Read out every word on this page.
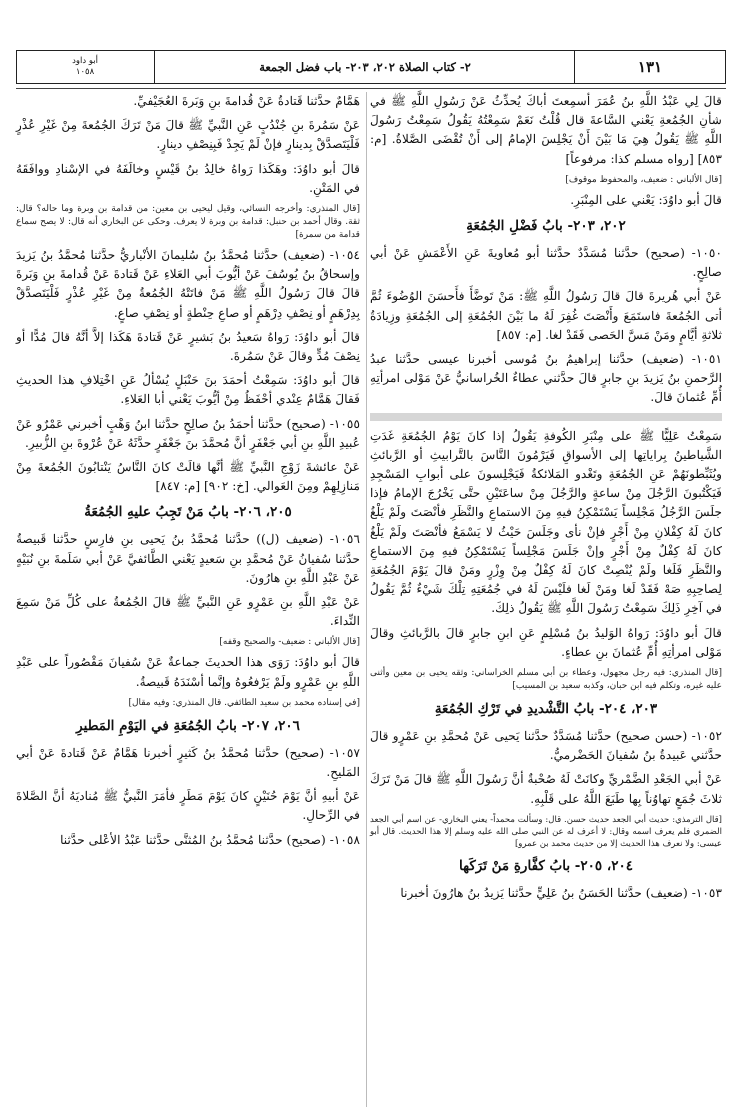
١٣١
٢- كتاب الصلاة ٢٠٢، ٢٠٣- باب فضل الجمعة
أبو داود
١٠٥٨

قالَ لِي عَبْدُ اللَّهِ بنُ عُمَرَ أسمِعتَ أباكَ يُحدِّثُ عَنْ رَسُولِ اللَّهِ ﷺ في شأنِ الجُمُعةِ يَعْني السَّاعةَ قال قُلْتُ نَعَمْ سَمِعْتُهُ يَقُولُ سَمِعْتُ رَسُولَ اللَّهِ ﷺ يَقُولُ هِيَ مَا بَيْنَ أَنْ يَجْلِسَ الإمامُ إلى أَنْ تُقْضَى الصَّلاةُ. [م: ٨٥٣] [رواه مسلم كذا: مرفوعاً]

[قال الألباني : ضعيف، والمحفوظ موقوف]

قالَ أبو داوُدَ: يَعْني على المِنْبَرِ.

٢٠٢، ٢٠٣- بابُ فَضْلِ الجُمُعَةِ

١٠٥٠- (صحيح) حدَّثنا مُسَدَّدٌ حدَّثنا أبو مُعاويةَ عَنِ الأَعْمَشِ عَنْ أبي صالِحٍ.

عَنْ أبي هُريرةَ قالَ قالَ رَسُولُ اللَّهِ ﷺ: مَنْ تَوضَّأَ فأَحسَنَ الوُضُوءَ ثُمَّ أتى الجُمُعةَ فاستَمَعَ وأَنْصَتَ غُفِرَ لَهُ ما بَيْنَ الجُمُعَةِ إلى الجُمُعَةِ وزِيادَةُ ثلاثةِ أيَّامٍ ومَنْ مَسَّ الحَصى فَقَدْ لغا. [م: ٨٥٧]

١٠٥١- (ضعيف) حدَّثنا إبراهيمُ بنُ مُوسى أخبرنا عيسى حدَّثنا عبدُ الرَّحمنِ بنُ يَزيدَ بنِ جابرٍ قالَ حدَّثني عطاءٌ الخُراسانيُّ عَنْ مَوْلى امرأتِهِ أُمِّ عُثمانَ قالَ.

سَمِعْتُ عَلِيًّا ﷺ على مِنْبَرِ الكُوفةِ يَقُولُ إذا كانَ يَوْمُ الجُمُعَةِ غَدَتِ الشَّياطينُ بِراياتِها إلى الأسواقِ فَيَرْمُونَ النَّاسَ بالتَّرابيثِ أو الرَّبائثِ ويُثَبِّطونَهُمْ عَنِ الجُمُعَةِ وتَغْدو المَلائكةُ فَيَجْلِسونَ على أبوابِ المَسْجِدِ فَيَكْتُبونَ الرَّجُلَ مِنْ ساعةٍ والرَّجُلَ مِنْ ساعَتَيْنِ حتَّى يَخْرُجَ الإمامُ فإذا جلَسَ الرَّجُلُ مَجْلِساً يَسْتَمْكِنُ فيهِ مِنَ الاستماعِ والنَّظَرِ فأنْصَتَ ولَمْ يَلْغُ كانَ لَهُ كِفْلانِ مِنْ أَجْرٍ فإنْ نأى وجَلَسَ حَيْثُ لا يَسْمَعُ فأنْصَتَ ولَمْ يَلْغُ كانَ لَهُ كِفْلٌ مِنْ أَجْرٍ وإنْ جَلَسَ مَجْلِساً يَسْتَمْكِنُ فيهِ مِنَ الاستماعِ والنَّظَرِ فَلَغا ولَمْ يُنْصِتْ كانَ لَهُ كِفْلٌ مِنْ وِزْرٍ ومَنْ قالَ يَوْمَ الجُمُعَةِ لِصاحِبِهِ صَهْ فَقَدْ لَغا ومَنْ لَغا فلَيْسَ لَهُ في جُمُعَتِهِ تِلْكَ شَيْءٌ ثُمَّ يَقُولُ في آخِرِ ذَلِكَ سَمِعْتُ رَسُولَ اللَّهِ ﷺ يَقُولُ ذلِكَ.

قالَ أبو داوُدَ: رَواهُ الوَليدُ بنُ مُسْلِمٍ عَنِ ابنِ جابرٍ قالَ بالرَّبائثِ وقالَ مَوْلى امرأتِهِ أُمِّ عُثمانَ بنِ عطاءٍ.

[قال المنذري: فيه رجل مجهول، وعطاء بن أبي مسلم الخراساني: وثقه يحيى بن معين وأثنى عليه غيره، وتكلم فيه ابن حبان، وكذبه سعيد بن المسيب]
٢٠٣، ٢٠٤- بابُ التَّشْديدِ في تَرْكِ الجُمُعَةِ

١٠٥٢- (حسن صحيح) حدَّثنا مُسَدَّدٌ حدَّثنا يَحيى عَنْ مُحمَّدِ بنِ عَمْرٍو قالَ حدَّثني عَبيدةُ بنُ سُفيانَ الحَضْرميُّ.

عَنْ أبي الجَعْدِ الضَّمْريِّ وكانَتْ لَهُ صُحْبةٌ أنَّ رَسُولَ اللَّهِ ﷺ قالَ مَنْ تَرَكَ ثلاثَ جُمَعٍ تهاوُناً بِها طَبَعَ اللَّهُ على قَلْبِهِ.

[قال الترمذي: حديث أبي الجعد حديث حسن. قال: وسألت محمداً- يعني البخاري- عن اسم أبي الجعد الضمري فلم يعرف اسمه وقال: لا أعرف له عن النبي صلى الله عليه وسلم إلا هذا الحديث. قال أبو عيسى: ولا نعرف هذا الحديث إلا من حديث محمد بن عمرو]
٢٠٤، ٢٠٥- بابُ كفَّارةِ مَنْ تَرَكَها

١٠٥٣- (ضعيف) حدَّثنا الحَسَنُ بنُ عَلِيٍّ حدَّثنا يَزيدُ بنُ هارُونَ أخبرنا

هَمَّامٌ حدَّثنا قَتادةُ عَنْ قُدامةَ بنِ وَبَرةَ العُجَيْفيِّ.

عَنْ سَمُرةَ بنِ جُنْدُبٍ عَنِ النَّبيِّ ﷺ قالَ مَنْ تَرَكَ الجُمُعةَ مِنْ غَيْرِ عُذْرٍ فَلْيَتَصدَّقْ بِدينارٍ فإنْ لَمْ يَجِدْ فَبِنِصْفِ دينارٍ.

قالَ أبو داوُدَ: وهَكَذا رَواهُ خالِدُ بنُ قَيْسٍ وخالَفَهُ في الإسْنادِ ووافَقَهُ في المَتْنِ.

[قال المنذري: وأخرجه النسائي، وقيل ليحيى بن معين: من قدامة بن وبرة وما حاله؟ قال: ثقة. وقال أحمد بن حنبل: قدامة بن وبرة لا يعرف. وحكى عن البخاري أنه قال: لا يصح سماع قدامة من سمرة]

١٠٥٤- (ضعيف) حدَّثنا مُحمَّدُ بنُ سُليمانَ الأنْباريُّ حدَّثنا مُحمَّدُ بنُ يَزيدَ وإسحاقُ بنُ يُوسُفَ عَنْ أيُّوبَ أبي العَلاءِ عَنْ قَتادةَ عَنْ قُدامةَ بنِ وَبَرةَ قالَ قالَ رَسُولُ اللَّهِ ﷺ مَنْ فاتَتْهُ الجُمُعةُ مِنْ غَيْرِ عُذْرٍ فَلْيَتَصدَّقْ بِدِرْهَمٍ أو نِصْفِ دِرْهَمٍ أو صاعِ حِنْطةٍ أو نِصْفِ صاعٍ.

قالَ أبو داوُدَ: رَواهُ سَعيدُ بنُ بَشيرٍ عَنْ قَتادةَ هَكَذا إلاَّ أنَّهُ قالَ مُدًّا أو نِصْفَ مُدٍّ وقالَ عَنْ سَمُرةَ.

قالَ أبو داوُدَ: سَمِعْتُ أحمَدَ بنَ حَنْبَلٍ يُسْألُ عَنِ اخْتِلافِ هذا الحديثِ فَقالَ هَمَّامٌ عِنْدي أحْفَظُ مِنْ أيُّوبَ يَعْني أبا العَلاءِ.

١٠٥٥- (صحيح) حدَّثنا أحمَدُ بنُ صالِحٍ حدَّثنا ابنُ وَهْبٍ أخبرني عَمْرٌو عَنْ عُبيدِ اللَّهِ بنِ أبي جَعْفَرٍ أنَّ مُحمَّدَ بنَ جَعْفَرٍ حدَّثَهُ عَنْ عُرْوةَ بنِ الزُّبيرِ.

عَنْ عائشةَ زَوْجِ النَّبيِّ ﷺ أنَّها قالَتْ كانَ النَّاسُ يَنْتابُونَ الجُمُعةَ مِنْ مَنازِلِهِمْ ومِنَ العَوالي. [خ: ٩٠٢] [م: ٨٤٧]

٢٠٥، ٢٠٦- بابُ مَنْ تَجِبُ عليهِ الجُمُعَةُ

١٠٥٦- (ضعيف (ل)) حدَّثنا مُحمَّدُ بنُ يَحيى بنِ فارِسٍ حدَّثنا قَبيصةُ حدَّثنا سُفيانُ عَنْ مُحمَّدِ بنِ سَعيدٍ يَعْني الطَّائفيَّ عَنْ أبي سَلَمةَ بنِ نُبَيْهٍ عَنْ عَبْدِ اللَّهِ بنِ هارُونَ.

عَنْ عَبْدِ اللَّهِ بنِ عَمْرٍو عَنِ النَّبيِّ ﷺ قالَ الجُمُعةُ على كُلِّ مَنْ سَمِعَ النِّداءَ.

[قال الألباني : ضعيف- والصحيح وقفه]

قالَ أبو داوُدَ: رَوَى هذا الحديثَ جماعةٌ عَنْ سُفيانَ مَقْصُوراً على عَبْدِ اللَّهِ بنِ عَمْرٍو ولَمْ يَرْفعُوهُ وإنَّما أسْنَدَهُ قَبيصةُ.

[في إسناده محمد بن سعيد الطائفي. قال المنذري: وفيه مقال]
٢٠٦، ٢٠٧- بابُ الجُمُعَةِ في اليَوْمِ المَطيرِ

١٠٥٧- (صحيح) حدَّثنا مُحمَّدُ بنُ كَثيرٍ أخبرنا هَمَّامٌ عَنْ قَتادةَ عَنْ أبي المَليحِ.

عَنْ أبيهِ أنَّ يَوْمَ حُنَيْنٍ كانَ يَوْمَ مَطَرٍ فأمَرَ النَّبيُّ ﷺ مُناديَهُ أنَّ الصَّلاةَ في الرِّحالِ.

١٠٥٨- (صحيح) حدَّثنا مُحمَّدُ بنُ المُثنَّى حدَّثنا عَبْدُ الأعْلى حدَّثنا
